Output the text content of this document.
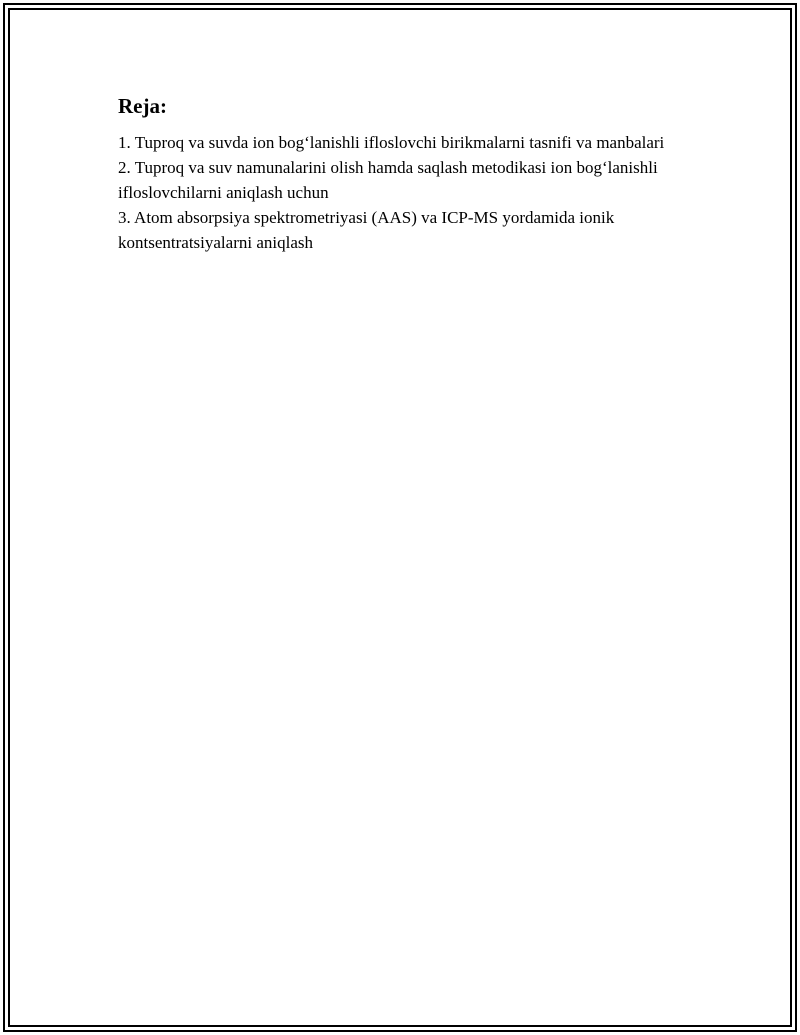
Reja:
1. Tuproq va suvda ion bog‘lanishli ifloslovchi birikmalarni tasnifi va manbalari
2. Tuproq va suv namunalarini olish hamda saqlash metodikasi ion bog‘lanishli ifloslovchilarni aniqlash uchun
3. Atom absorpsiya spektrometriyasi (AAS) va ICP-MS yordamida ionik kontsentratsiyalarni aniqlash
